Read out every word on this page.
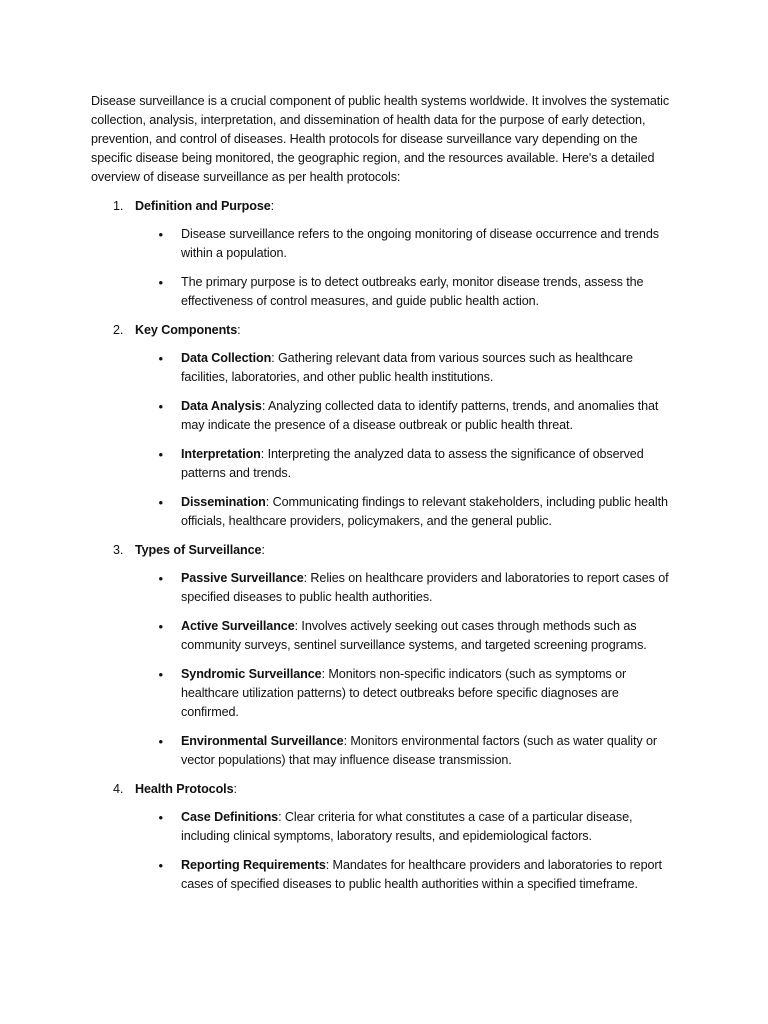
Disease surveillance is a crucial component of public health systems worldwide. It involves the systematic collection, analysis, interpretation, and dissemination of health data for the purpose of early detection, prevention, and control of diseases. Health protocols for disease surveillance vary depending on the specific disease being monitored, the geographic region, and the resources available. Here's a detailed overview of disease surveillance as per health protocols:

1. Definition and Purpose:
•	Disease surveillance refers to the ongoing monitoring of disease occurrence and trends within a population.
•	The primary purpose is to detect outbreaks early, monitor disease trends, assess the effectiveness of control measures, and guide public health action.
2. Key Components:
•	Data Collection: Gathering relevant data from various sources such as healthcare facilities, laboratories, and other public health institutions.
•	Data Analysis: Analyzing collected data to identify patterns, trends, and anomalies that may indicate the presence of a disease outbreak or public health threat.
•	Interpretation: Interpreting the analyzed data to assess the significance of observed patterns and trends.
•	Dissemination: Communicating findings to relevant stakeholders, including public health officials, healthcare providers, policymakers, and the general public.
3. Types of Surveillance:
•	Passive Surveillance: Relies on healthcare providers and laboratories to report cases of specified diseases to public health authorities.
•	Active Surveillance: Involves actively seeking out cases through methods such as community surveys, sentinel surveillance systems, and targeted screening programs.
•	Syndromic Surveillance: Monitors non-specific indicators (such as symptoms or healthcare utilization patterns) to detect outbreaks before specific diagnoses are confirmed.
•	Environmental Surveillance: Monitors environmental factors (such as water quality or vector populations) that may influence disease transmission.
4. Health Protocols:
•	Case Definitions: Clear criteria for what constitutes a case of a particular disease, including clinical symptoms, laboratory results, and epidemiological factors.
•	Reporting Requirements: Mandates for healthcare providers and laboratories to report cases of specified diseases to public health authorities within a specified timeframe.
